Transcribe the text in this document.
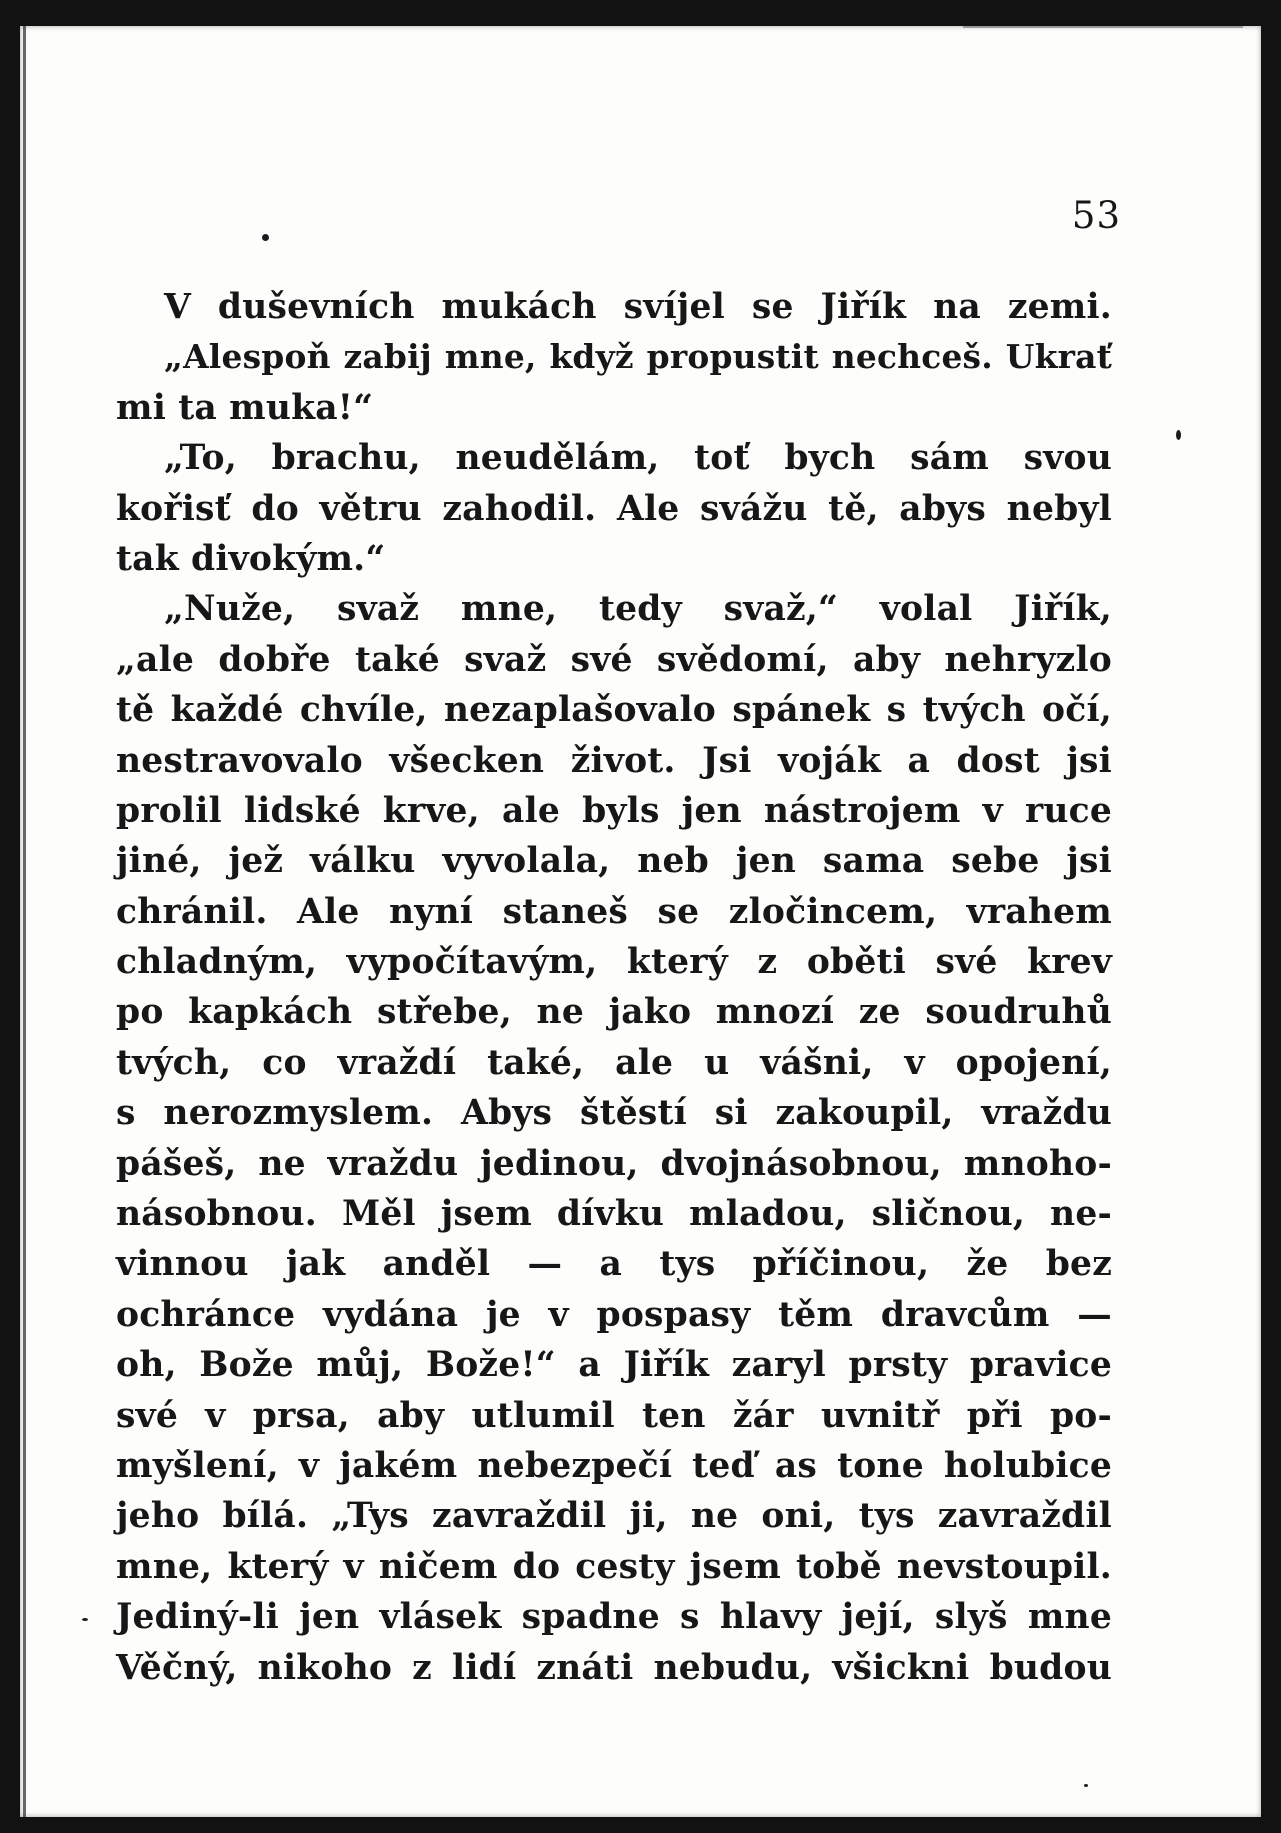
53
V duševních mukách svíjel se Jiřík na zemi.
„Alespoň zabij mne, když propustit nechceš. Ukrať
mi ta muka!“
„To, brachu, neudělám, toť bych sám svou
kořisť do větru zahodil. Ale svážu tě, abys nebyl
tak divokým.“
„Nuže, svaž mne, tedy svaž,“ volal Jiřík,
„ale dobře také svaž své svědomí, aby nehryzlo
tě každé chvíle, nezaplašovalo spánek s tvých očí,
nestravovalo všecken život. Jsi voják a dost jsi
prolil lidské krve, ale byls jen nástrojem v ruce
jiné, jež válku vyvolala, neb jen sama sebe jsi
chránil. Ale nyní staneš se zločincem, vrahem
chladným, vypočítavým, který z oběti své krev
po kapkách střebe, ne jako mnozí ze soudruhů
tvých, co vraždí také, ale u vášni, v opojení,
s nerozmyslem. Abys štěstí si zakoupil, vraždu
pášeš, ne vraždu jedinou, dvojnásobnou, mnoho-
násobnou. Měl jsem dívku mladou, sličnou, ne-
vinnou jak anděl — a tys příčinou, že bez
ochránce vydána je v pospasy těm dravcům —
oh, Bože můj, Bože!“ a Jiřík zaryl prsty pravice
své v prsa, aby utlumil ten žár uvnitř při po-
myšlení, v jakém nebezpečí teď as tone holubice
jeho bílá. „Tys zavraždil ji, ne oni, tys zavraždil
mne, který v ničem do cesty jsem tobě nevstoupil.
Jediný-li jen vlásek spadne s hlavy její, slyš mne
Věčný, nikoho z lidí znáti nebudu, všickni budou
